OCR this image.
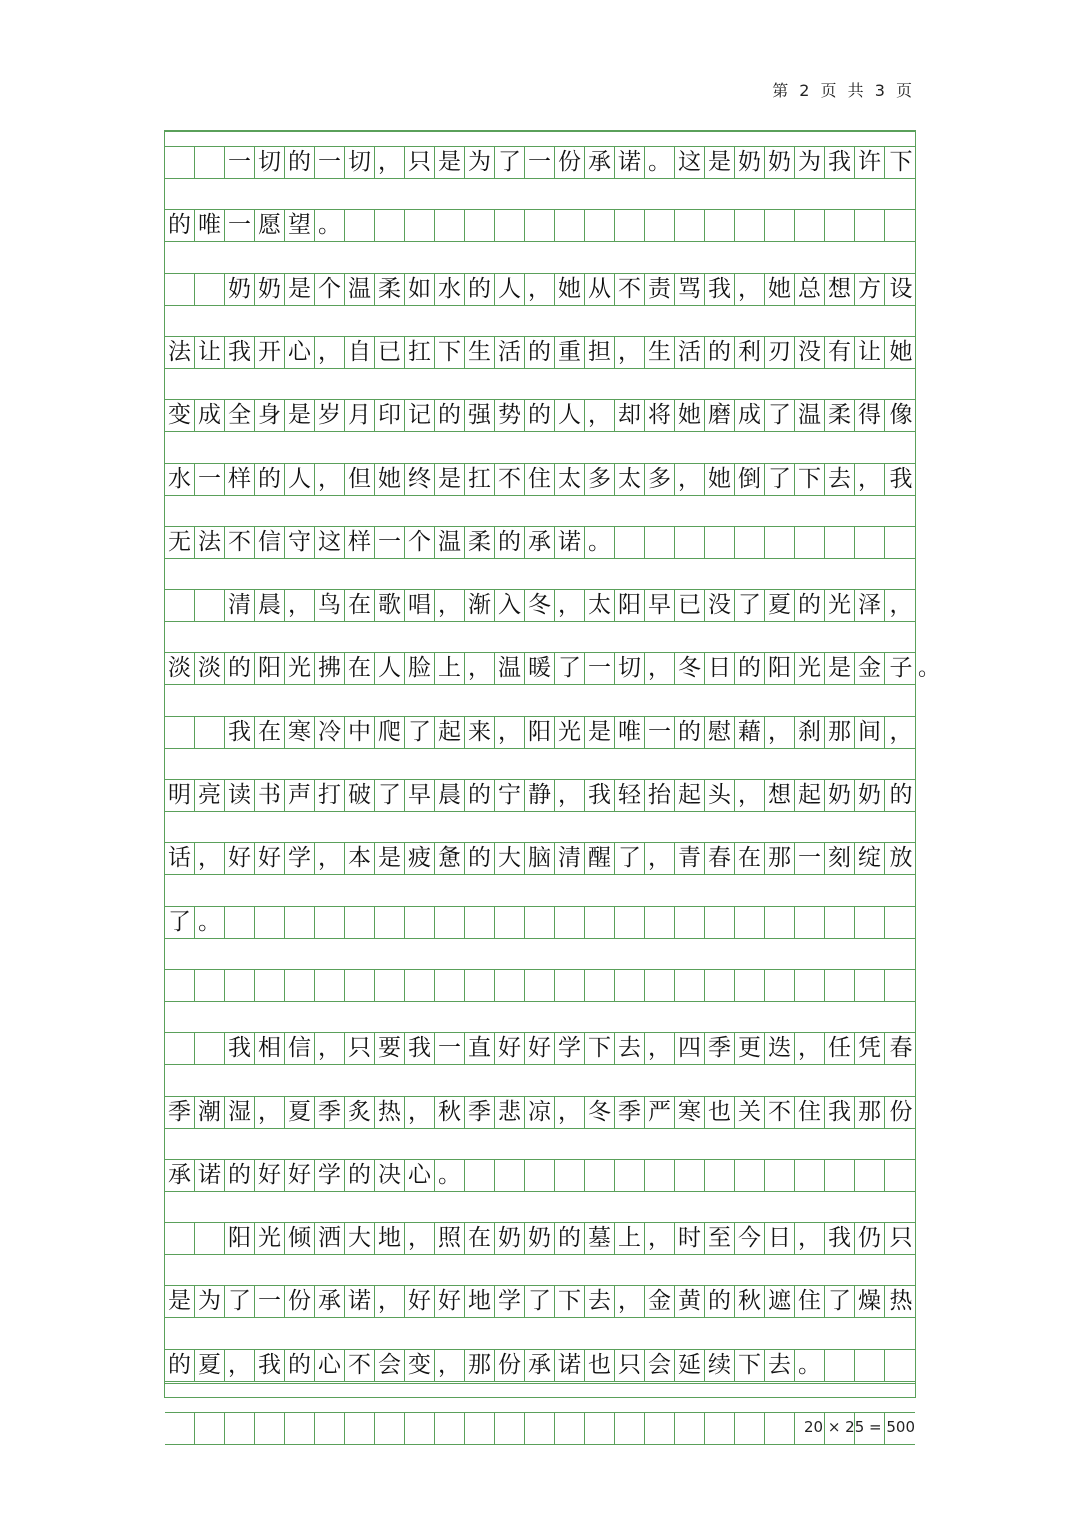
第 2 页 共 3 页
一 切 的 一 切 ， 只 是 为 了 一 份 承 诺 。 这 是 奶 奶 为 我 许 下
的 唯 一 愿 望 。
奶 奶 是 个 温 柔 如 水 的 人 ， 她 从 不 责 骂 我 ， 她 总 想 方 设
法 让 我 开 心 ， 自 已 扛 下 生 活 的 重 担 ， 生 活 的 利 刃 没 有 让 她
变 成 全 身 是 岁 月 印 记 的 强 势 的 人 ， 却 将 她 磨 成 了 温 柔 得 像
水 一 样 的 人 ， 但 她 终 是 扛 不 住 太 多 太 多 ， 她 倒 了 下 去 ， 我
无 法 不 信 守 这 样 一 个 温 柔 的 承 诺 。
清 晨 ， 鸟 在 歌 唱 ， 渐 入 冬 ， 太 阳 早 已 没 了 夏 的 光 泽 ，
淡 淡 的 阳 光 拂 在 人 脸 上 ， 温 暖 了 一 切 ， 冬 日 的 阳 光 是 金 子 。
我 在 寒 冷 中 爬 了 起 来 ， 阳 光 是 唯 一 的 慰 藉 ， 刹 那 间 ，
明 亮 读 书 声 打 破 了 早 晨 的 宁 静 ， 我 轻 抬 起 头 ， 想 起 奶 奶 的
话 ， 好 好 学 ， 本 是 疲 惫 的 大 脑 清 醒 了 ， 青 春 在 那 一 刻 绽 放
了 。
我 相 信 ， 只 要 我 一 直 好 好 学 下 去 ， 四 季 更 迭 ， 任 凭 春
季 潮 湿 ， 夏 季 炙 热 ， 秋 季 悲 凉 ， 冬 季 严 寒 也 关 不 住 我 那 份
承 诺 的 好 好 学 的 决 心 。
阳 光 倾 洒 大 地 ， 照 在 奶 奶 的 墓 上 ， 时 至 今 日 ， 我 仍 只
是 为 了 一 份 承 诺 ， 好 好 地 学 了 下 去 ， 金 黄 的 秋 遮 住 了 燥 热
的 夏 ， 我 的 心 不 会 变 ， 那 份 承 诺 也 只 会 延 续 下 去 。
20 × 25 = 500
